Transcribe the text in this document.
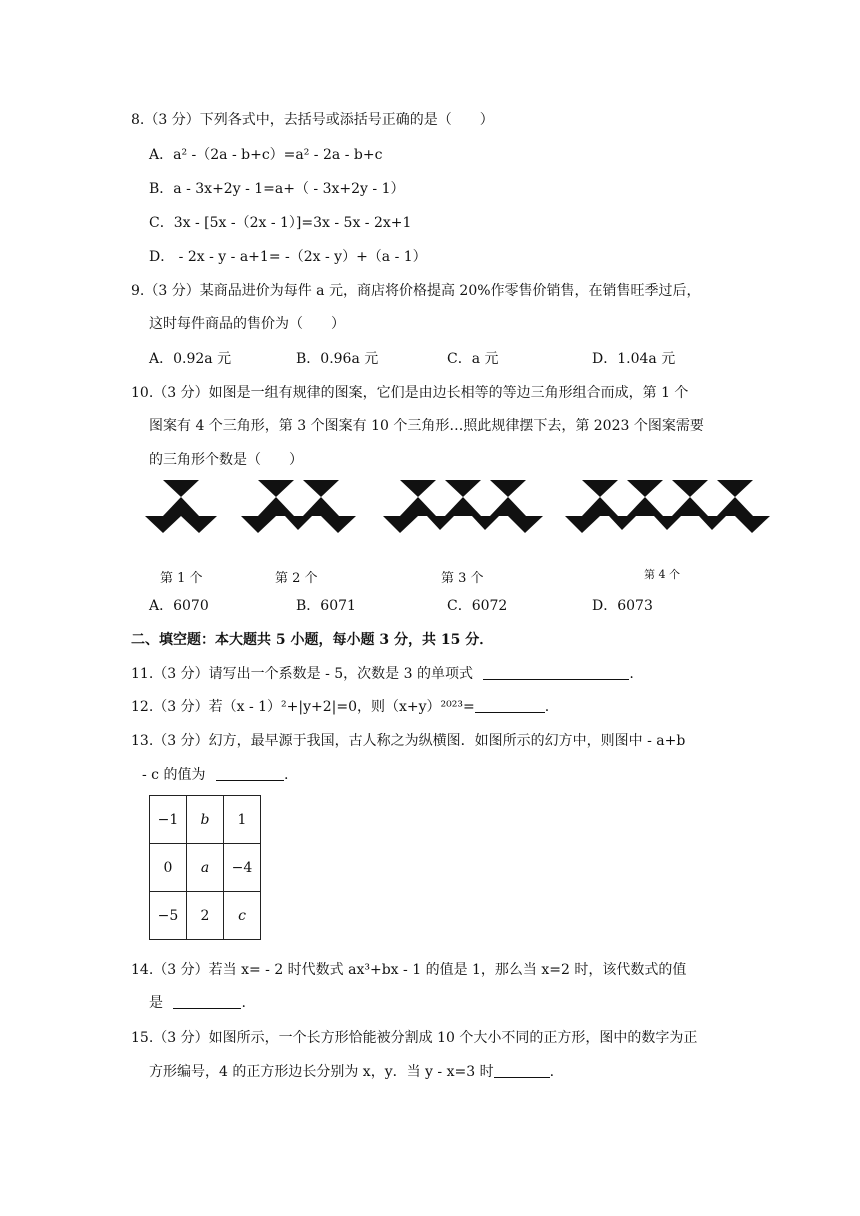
8.（3 分）下列各式中，去括号或添括号正确的是（　　）
A．a² -（2a - b+c）=a² - 2a - b+c
B．a - 3x+2y - 1=a+（ - 3x+2y - 1）
C．3x - [5x -（2x - 1）]=3x - 5x - 2x+1
D． - 2x - y - a+1= -（2x - y）+（a - 1）
9.（3 分）某商品进价为每件 a 元，商店将价格提高 20%作零售价销售，在销售旺季过后，
这时每件商品的售价为（　　）
A．0.92a 元	B．0.96a 元	C．a 元	D．1.04a 元
10.（3 分）如图是一组有规律的图案，它们是由边长相等的等边三角形组合而成，第 1 个
图案有 4 个三角形，第 3 个图案有 10 个三角形…照此规律摆下去，第 2023 个图案需要
的三角形个数是（　　）
第 1 个	第 2 个	第 3 个	第 4 个
A．6070	B．6071	C．6072	D．6073
二、填空题：本大题共 5 小题，每小题 3 分，共 15 分．
11.（3 分）请写出一个系数是 - 5，次数是 3 的单项式	.
12.（3 分）若（x - 1）²+|y+2|=0，则（x+y）²⁰²³=	.
13.（3 分）幻方，最早源于我国，古人称之为纵横图．如图所示的幻方中，则图中 - a+b
- c 的值为	.
−1	b	1
0	a	−4
−5	2	c
14.（3 分）若当 x= - 2 时代数式 ax³+bx - 1 的值是 1，那么当 x=2 时，该代数式的值
是	.
15.（3 分）如图所示，一个长方形恰能被分割成 10 个大小不同的正方形，图中的数字为正
方形编号，4 的正方形边长分别为 x，y．当 y - x=3 时	.
